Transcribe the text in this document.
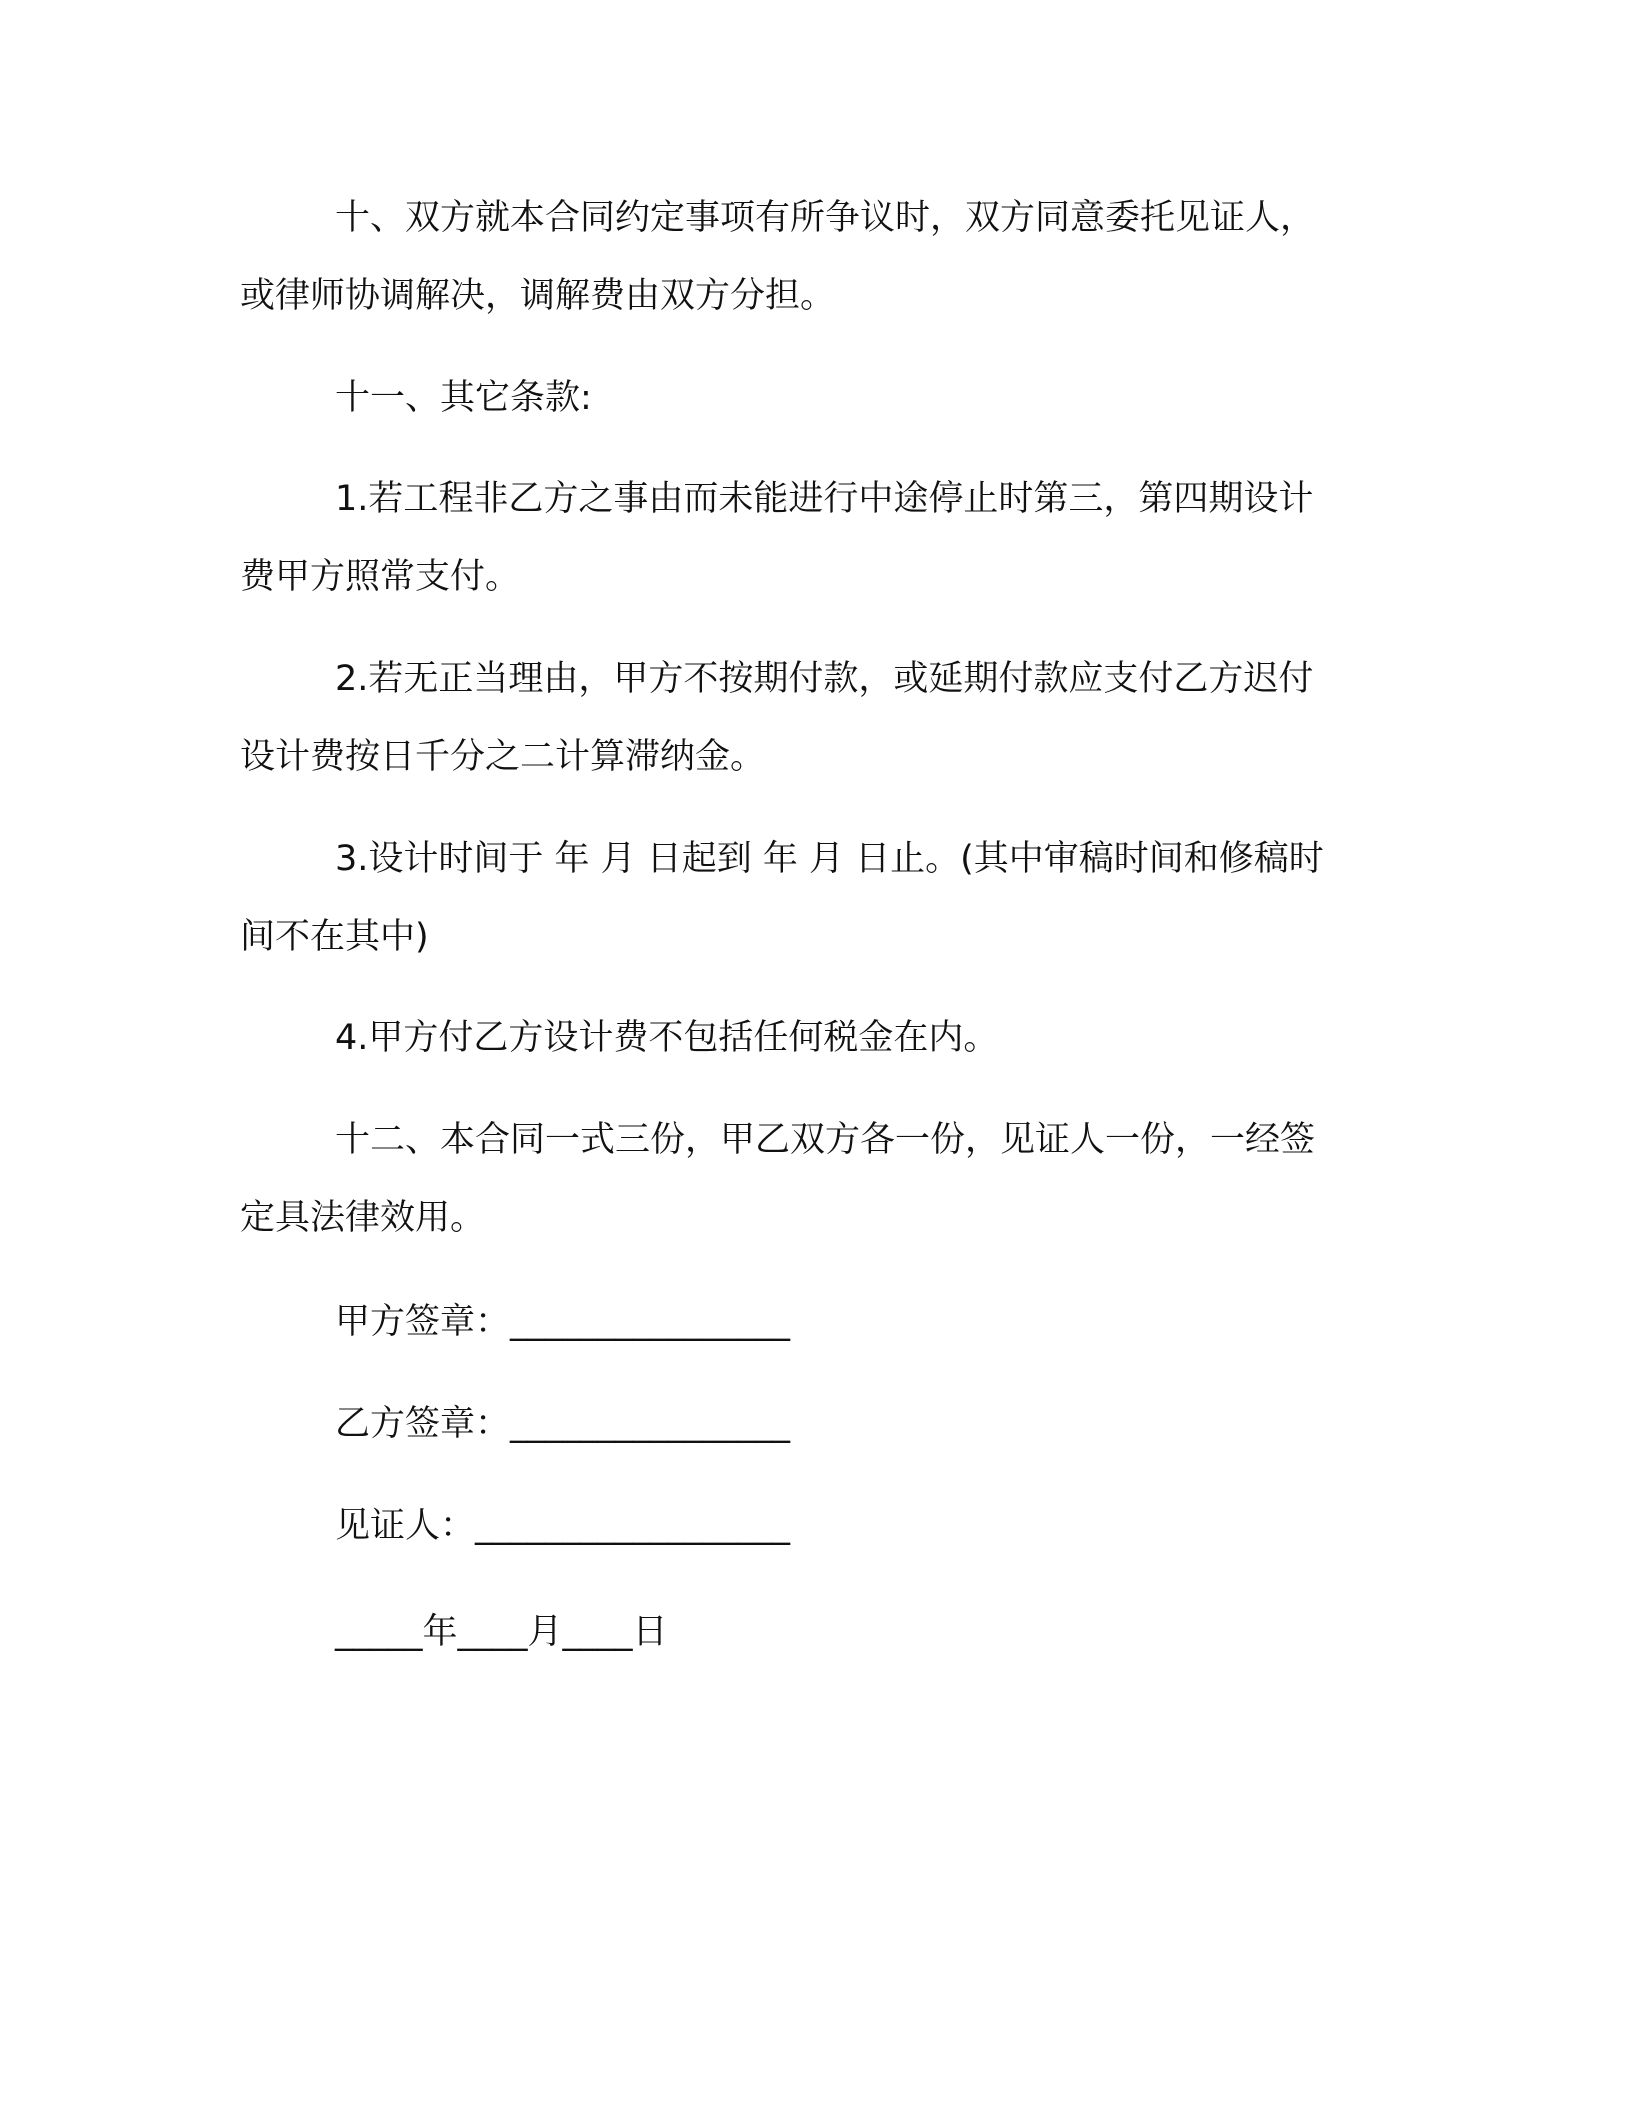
十、双方就本合同约定事项有所争议时，双方同意委托见证人，
或律师协调解决，调解费由双方分担。
十一、其它条款:
1.若工程非乙方之事由而未能进行中途停止时第三，第四期设计
费甲方照常支付。
2.若无正当理由，甲方不按期付款，或延期付款应支付乙方迟付
设计费按日千分之二计算滞纳金。
3.设计时间于 年 月 日起到 年 月 日止。(其中审稿时间和修稿时
间不在其中)
4.甲方付乙方设计费不包括任何税金在内。
十二、本合同一式三份，甲乙双方各一份，见证人一份，一经签
定具法律效用。
甲方签章：________________
乙方签章：________________
见证人：__________________
_____年____月____日
